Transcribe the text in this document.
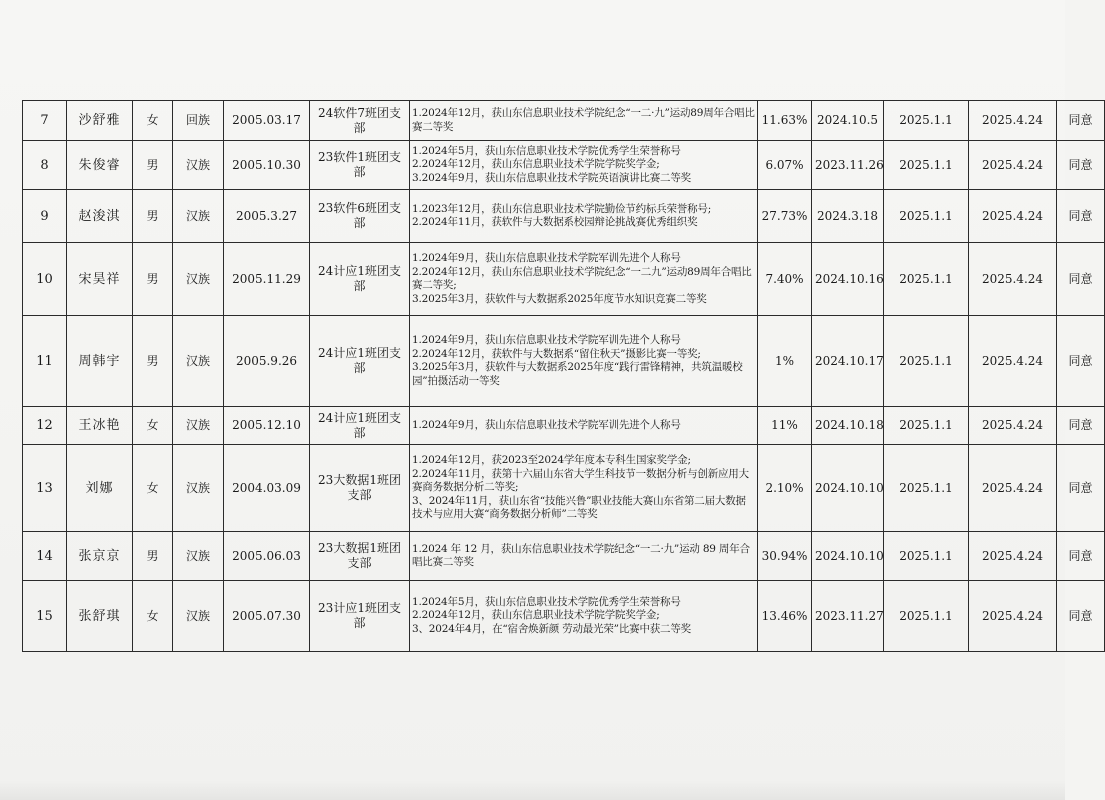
7	沙舒雅	女	回族	2005.03.17	24软件7班团支部	1.2024年12月，获山东信息职业技术学院纪念“一二·九”运动89周年合唱比赛二等奖	11.63%	2024.10.5	2025.1.1	2025.4.24	同意
8	朱俊睿	男	汉族	2005.10.30	23软件1班团支部	1.2024年5月，获山东信息职业技术学院优秀学生荣誉称号
2.2024年12月，获山东信息职业技术学院学院奖学金;
3.2024年9月，获山东信息职业技术学院英语演讲比赛二等奖	6.07%	2023.11.26	2025.1.1	2025.4.24	同意
9	赵浚淇	男	汉族	2005.3.27	23软件6班团支部	1.2023年12月，获山东信息职业技术学院勤俭节约标兵荣誉称号;
2.2024年11月，获软件与大数据系校园辩论挑战赛优秀组织奖	27.73%	2024.3.18	2025.1.1	2025.4.24	同意
10	宋昊祥	男	汉族	2005.11.29	24计应1班团支部	1.2024年9月，获山东信息职业技术学院军训先进个人称号
2.2024年12月，获山东信息职业技术学院纪念“一二九”运动89周年合唱比赛二等奖;
3.2025年3月，获软件与大数据系2025年度节水知识竞赛二等奖	7.40%	2024.10.16	2025.1.1	2025.4.24	同意
11	周韩宇	男	汉族	2005.9.26	24计应1班团支部	1.2024年9月，获山东信息职业技术学院军训先进个人称号
2.2024年12月，获软件与大数据系“留住秋天”摄影比赛一等奖;
3.2025年3月，获软件与大数据系2025年度“践行雷锋精神，共筑温暖校园”拍摄活动一等奖	1%	2024.10.17	2025.1.1	2025.4.24	同意
12	王冰艳	女	汉族	2005.12.10	24计应1班团支部	1.2024年9月，获山东信息职业技术学院军训先进个人称号	11%	2024.10.18	2025.1.1	2025.4.24	同意
13	刘娜	女	汉族	2004.03.09	23大数据1班团支部	1.2024年12月，获2023至2024学年度本专科生国家奖学金;
2.2024年11月，获第十六届山东省大学生科技节一数据分析与创新应用大赛商务数据分析二等奖;
3、2024年11月，获山东省“技能兴鲁”职业技能大赛山东省第二届大数据技术与应用大赛“商务数据分析师”二等奖	2.10%	2024.10.10	2025.1.1	2025.4.24	同意
14	张京京	男	汉族	2005.06.03	23大数据1班团支部	1.2024 年 12 月，获山东信息职业技术学院纪念“一二·九”运动 89 周年合唱比赛二等奖	30.94%	2024.10.10	2025.1.1	2025.4.24	同意
15	张舒琪	女	汉族	2005.07.30	23计应1班团支部	1.2024年5月，获山东信息职业技术学院优秀学生荣誉称号
2.2024年12月，获山东信息职业技术学院学院奖学金;
3、2024年4月，在“宿舍焕新颜 劳动最光荣”比赛中获二等奖	13.46%	2023.11.27	2025.1.1	2025.4.24	同意
